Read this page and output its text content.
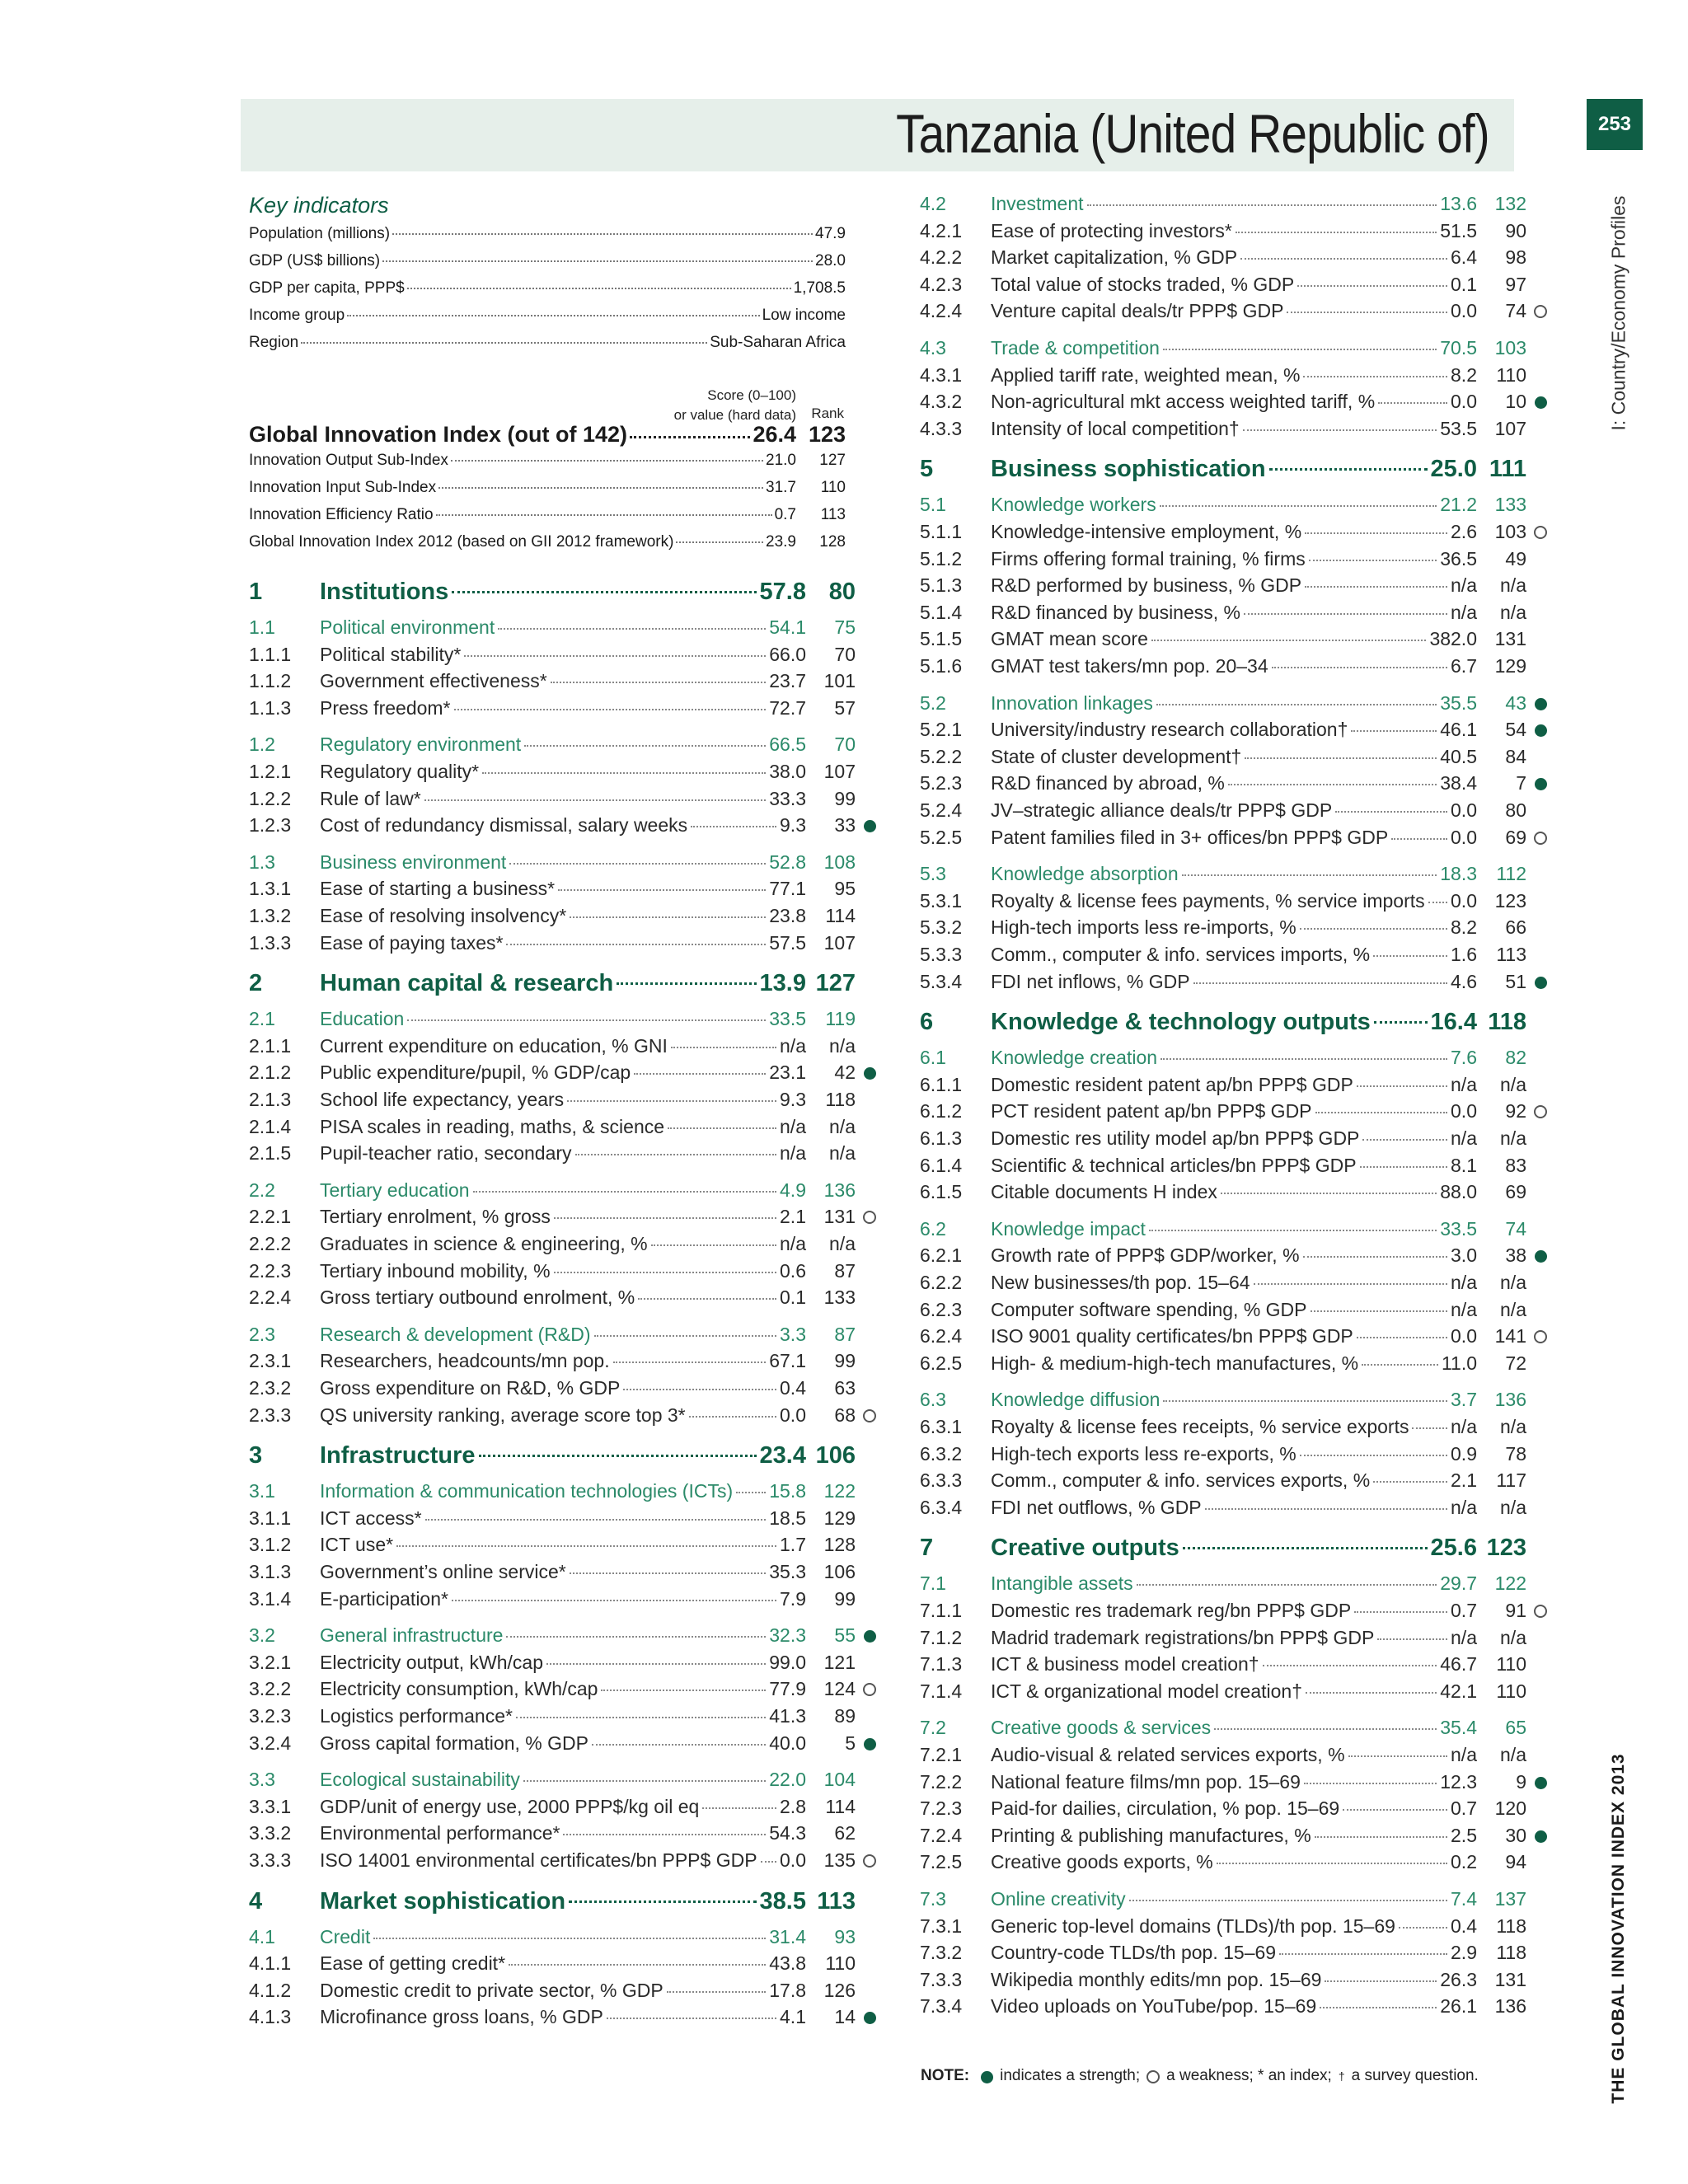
Tanzania (United Republic of)	253
I: Country/Economy Profiles
THE GLOBAL INNOVATION INDEX 2013
Key indicators
Population (millions)	47.9
GDP (US$ billions)	28.0
GDP per capita, PPP$	1,708.5
Income group	Low income
Region	Sub-Saharan Africa
Score (0–100)
or value (hard data) Rank
Global Innovation Index (out of 142)	26.4 123
Innovation Output Sub-Index	21.0	127
Innovation Input Sub-Index	31.7	110
Innovation Efficiency Ratio	0.7	113
Global Innovation Index 2012 (based on GII 2012 framework)	23.9	128
1	Institutions	57.8 80
1.1	Political environment	54.1	75
1.1.1	Political stability*	66.0	70
1.1.2	Government effectiveness*	23.7 101
1.1.3	Press freedom*	72.7	57
1.2	Regulatory environment	66.5	70
1.2.1	Regulatory quality*	38.0 107
1.2.2	Rule of law*	33.3	99
1.2.3	Cost of redundancy dismissal, salary weeks	9.3	33
1.3	Business environment	52.8 108
1.3.1	Ease of starting a business*	77.1	95
1.3.2	Ease of resolving insolvency*	23.8	114
1.3.3	Ease of paying taxes*	57.5 107
2	Human capital & research	13.9 127
2.1	Education	33.5	119
2.1.1	Current expenditure on education, % GNI	n/a	n/a
2.1.2	Public expenditure/pupil, % GDP/cap	23.1	42
2.1.3	School life expectancy, years	9.3	118
2.1.4	PISA scales in reading, maths, & science	n/a	n/a
2.1.5	Pupil-teacher ratio, secondary	n/a	n/a
2.2	Tertiary education	4.9 136
2.2.1	Tertiary enrolment, % gross	2.1 131
2.2.2	Graduates in science & engineering, %	n/a	n/a
2.2.3	Tertiary inbound mobility, %	0.6	87
2.2.4	Gross tertiary outbound enrolment, %	0.1 133
2.3	Research & development (R&D)	3.3	87
2.3.1	Researchers, headcounts/mn pop.	67.1	99
2.3.2	Gross expenditure on R&D, % GDP	0.4	63
2.3.3	QS university ranking, average score top 3*	0.0	68
3	Infrastructure	23.4 106
3.1	Information & communication technologies (ICTs) 15.8 122
3.1.1	ICT access*	18.5 129
3.1.2	ICT use*	1.7 128
3.1.3	Government’s online service*	35.3 106
3.1.4	E-participation*	7.9	99
3.2	General infrastructure	32.3	55
3.2.1	Electricity output, kWh/cap	99.0 121
3.2.2	Electricity consumption, kWh/cap	77.9 124
3.2.3	Logistics performance*	41.3	89
3.2.4	Gross capital formation, % GDP	40.0	5
3.3	Ecological sustainability	22.0 104
3.3.1	GDP/unit of energy use, 2000 PPP$/kg oil eq	2.8	114
3.3.2	Environmental performance*	54.3	62
3.3.3	ISO 14001 environmental certificates/bn PPP$ GDP 0.0 135
4	Market sophistication	38.5 113
4.1	Credit	31.4	93
4.1.1	Ease of getting credit*	43.8	110
4.1.2	Domestic credit to private sector, % GDP	17.8 126
4.1.3	Microfinance gross loans, % GDP	4.1	14
4.2	Investment	13.6 132
4.2.1	Ease of protecting investors*	51.5	90
4.2.2	Market capitalization, % GDP	6.4	98
4.2.3	Total value of stocks traded, % GDP	0.1	97
4.2.4	Venture capital deals/tr PPP$ GDP	0.0	74
4.3	Trade & competition	70.5 103
4.3.1	Applied tariff rate, weighted mean, %	8.2	110
4.3.2	Non-agricultural mkt access weighted tariff, %	0.0	10
4.3.3	Intensity of local competition†	53.5 107
5	Business sophistication	25.0 111
5.1	Knowledge workers	21.2 133
5.1.1	Knowledge-intensive employment, %	2.6 103
5.1.2	Firms offering formal training, % firms	36.5	49
5.1.3	R&D performed by business, % GDP	n/a	n/a
5.1.4	R&D financed by business, %	n/a	n/a
5.1.5	GMAT mean score	382.0 131
5.1.6	GMAT test takers/mn pop. 20–34	6.7 129
5.2	Innovation linkages	35.5	43
5.2.1	University/industry research collaboration†	46.1	54
5.2.2	State of cluster development†	40.5	84
5.2.3	R&D financed by abroad, %	38.4	7
5.2.4	JV–strategic alliance deals/tr PPP$ GDP	0.0	80
5.2.5	Patent families filed in 3+ offices/bn PPP$ GDP	0.0	69
5.3	Knowledge absorption	18.3	112
5.3.1	Royalty & license fees payments, % service imports 0.0 123
5.3.2	High-tech imports less re-imports, %	8.2	66
5.3.3	Comm., computer & info. services imports, %	1.6	113
5.3.4	FDI net inflows, % GDP	4.6	51
6	Knowledge & technology outputs	16.4 118
6.1	Knowledge creation	7.6	82
6.1.1	Domestic resident patent ap/bn PPP$ GDP	n/a	n/a
6.1.2	PCT resident patent ap/bn PPP$ GDP	0.0	92
6.1.3	Domestic res utility model ap/bn PPP$ GDP	n/a	n/a
6.1.4	Scientific & technical articles/bn PPP$ GDP	8.1	83
6.1.5	Citable documents H index	88.0	69
6.2	Knowledge impact	33.5	74
6.2.1	Growth rate of PPP$ GDP/worker, %	3.0	38
6.2.2	New businesses/th pop. 15–64	n/a	n/a
6.2.3	Computer software spending, % GDP	n/a	n/a
6.2.4	ISO 9001 quality certificates/bn PPP$ GDP	0.0 141
6.2.5	High- & medium-high-tech manufactures, %	11.0	72
6.3	Knowledge diffusion	3.7 136
6.3.1	Royalty & license fees receipts, % service exports n/a	n/a
6.3.2	High-tech exports less re-exports, %	0.9	78
6.3.3	Comm., computer & info. services exports, %	2.1	117
6.3.4	FDI net outflows, % GDP	n/a	n/a
7	Creative outputs	25.6 123
7.1	Intangible assets	29.7 122
7.1.1	Domestic res trademark reg/bn PPP$ GDP	0.7	91
7.1.2	Madrid trademark registrations/bn PPP$ GDP	n/a	n/a
7.1.3	ICT & business model creation†	46.7	110
7.1.4	ICT & organizational model creation†	42.1	110
7.2	Creative goods & services	35.4	65
7.2.1	Audio-visual & related services exports, %	n/a	n/a
7.2.2	National feature films/mn pop. 15–69	12.3	9
7.2.3	Paid-for dailies, circulation, % pop. 15–69	0.7 120
7.2.4	Printing & publishing manufactures, %	2.5	30
7.2.5	Creative goods exports, %	0.2	94
7.3	Online creativity	7.4 137
7.3.1	Generic top-level domains (TLDs)/th pop. 15–69	0.4	118
7.3.2	Country-code TLDs/th pop. 15–69	2.9	118
7.3.3	Wikipedia monthly edits/mn pop. 15–69	26.3 131
7.3.4	Video uploads on YouTube/pop. 15–69	26.1 136
NOTE: indicates a strength; a weakness; * an index; † a survey question.
